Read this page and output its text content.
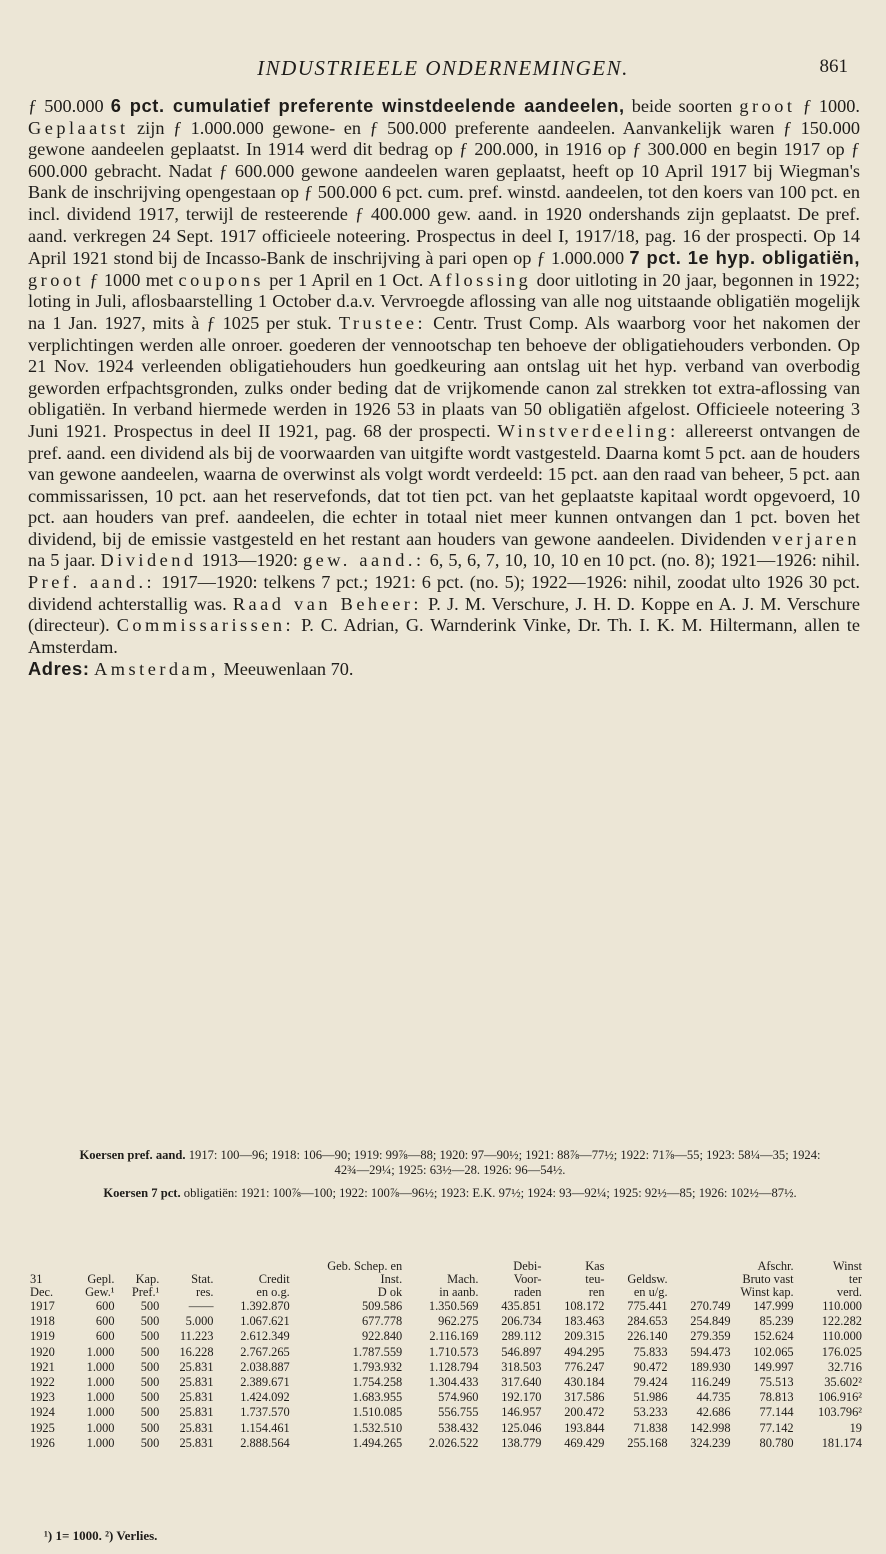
INDUSTRIEELE ONDERNEMINGEN.	861
ƒ 500.000 6 pct. cumulatief preferente winstdeelende aandeelen, beide soorten groot ƒ 1000. Geplaatst zijn ƒ 1.000.000 gewone- en ƒ 500.000 preferente aandeelen. Aanvankelijk waren ƒ 150.000 gewone aandeelen geplaatst. In 1914 werd dit bedrag op ƒ 200.000, in 1916 op ƒ 300.000 en begin 1917 op ƒ 600.000 gebracht. Nadat ƒ 600.000 gewone aandeelen waren geplaatst, heeft op 10 April 1917 bij Wiegman's Bank de inschrijving opengestaan op ƒ 500.000 6 pct. cum. pref. winstd. aandeelen, tot den koers van 100 pct. en incl. dividend 1917, terwijl de resteerende ƒ 400.000 gew. aand. in 1920 ondershands zijn geplaatst. De pref. aand. verkregen 24 Sept. 1917 officieele noteering. Prospectus in deel I, 1917/18, pag. 16 der prospecti. Op 14 April 1921 stond bij de Incasso-Bank de inschrijving à pari open op ƒ 1.000.000 7 pct. 1e hyp. obligatiën, groot ƒ 1000 met coupons per 1 April en 1 Oct. Aflossing door uitloting in 20 jaar, begonnen in 1922; loting in Juli, aflosbaarstelling 1 October d.a.v. Vervroegde aflossing van alle nog uitstaande obligatiën mogelijk na 1 Jan. 1927, mits à ƒ 1025 per stuk. Trustee: Centr. Trust Comp. Als waarborg voor het nakomen der verplichtingen werden alle onroer. goederen der vennootschap ten behoeve der obligatiehouders verbonden. Op 21 Nov. 1924 verleenden obligatiehouders hun goedkeuring aan ontslag uit het hyp. verband van overbodig geworden erfpachtsgronden, zulks onder beding dat de vrijkomende canon zal strekken tot extra-aflossing van obligatiën. In verband hiermede werden in 1926 53 in plaats van 50 obligatiën afgelost. Officieele noteering 3 Juni 1921. Prospectus in deel II 1921, pag. 68 der prospecti. Winstverdeeling: allereerst ontvangen de pref. aand. een dividend als bij de voorwaarden van uitgifte wordt vastgesteld. Daarna komt 5 pct. aan de houders van gewone aandeelen, waarna de overwinst als volgt wordt verdeeld: 15 pct. aan den raad van beheer, 5 pct. aan commissarissen, 10 pct. aan het reservefonds, dat tot tien pct. van het geplaatste kapitaal wordt opgevoerd, 10 pct. aan houders van pref. aandeelen, die echter in totaal niet meer kunnen ontvangen dan 1 pct. boven het dividend, bij de emissie vastgesteld en het restant aan houders van gewone aandeelen. Dividenden verjaren na 5 jaar. Dividend 1913—1920: gew. aand.: 6, 5, 6, 7, 10, 10, 10 en 10 pct. (no. 8); 1921—1926: nihil. Pref. aand.: 1917—1920: telkens 7 pct.; 1921: 6 pct. (no. 5); 1922—1926: nihil, zoodat ulto 1926 30 pct. dividend achterstallig was. Raad van Beheer: P. J. M. Verschure, J. H. D. Koppe en A. J. M. Verschure (directeur). Commissarissen: P. C. Adrian, G. Warnderink Vinke, Dr. Th. I. K. M. Hiltermann, allen te Amsterdam.
Adres: Amsterdam, Meeuwenlaan 70.

Koersen pref. aand. 1917: 100—96; 1918: 106—90; 1919: 99⅞—88; 1920: 97—90½; 1921: 88⅞—77½; 1922: 71⅞—55; 1923: 58¼—35; 1924: 42¾—29¼; 1925: 63½—28. 1926: 96—54½.

Koersen 7 pct. obligatiën: 1921: 100⅞—100; 1922: 100⅞—96½; 1923: E.K. 97½; 1924: 93—92¼; 1925: 92½—85; 1926: 102½—87½.

					Geb. Schep. en		Debi-	Kas		Afschr.		Winst
31	Gepl.	Kap.	Stat.	Credit	Inst.	Mach.	Voor-	teu-	Geldsw.	Bruto vast		ter
Dec.	Gew.¹	Pref.¹	res.	en o.g.	D ok	in aanb.	raden	ren	en u/g.	Winst kap.		verd.
1917	600	500	——	1.392.870	509.586	1.350.569	435.851	108.172	775.441	270.749	147.999	110.000
1918	600	500	5.000	1.067.621	677.778	962.275	206.734	183.463	284.653	254.849	85.239	122.282
1919	600	500	11.223	2.612.349	922.840	2.116.169	289.112	209.315	226.140	279.359	152.624	110.000
1920	1.000	500	16.228	2.767.265	1.787.559	1.710.573	546.897	494.295	75.833	594.473	102.065	176.025
1921	1.000	500	25.831	2.038.887	1.793.932	1.128.794	318.503	776.247	90.472	189.930	149.997	32.716
1922	1.000	500	25.831	2.389.671	1.754.258	1.304.433	317.640	430.184	79.424	116.249	75.513	35.602²
1923	1.000	500	25.831	1.424.092	1.683.955	574.960	192.170	317.586	51.986	44.735	78.813	106.916²
1924	1.000	500	25.831	1.737.570	1.510.085	556.755	146.957	200.472	53.233	42.686	77.144	103.796²
1925	1.000	500	25.831	1.154.461	1.532.510	538.432	125.046	193.844	71.838	142.998	77.142	19
1926	1.000	500	25.831	2.888.564	1.494.265	2.026.522	138.779	469.429	255.168	324.239	80.780	181.174
¹) 1= 1000. ²) Verlies.
